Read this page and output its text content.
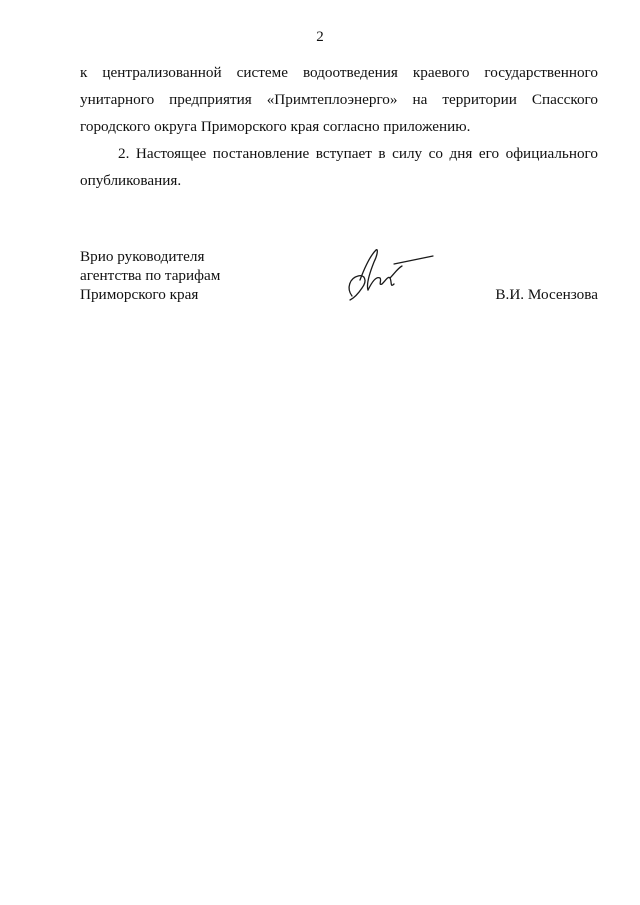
2

к централизованной системе водоотведения краевого государственного
унитарного предприятия «Примтеплоэнерго» на территории Спасского
городского округа Приморского края согласно приложению.

2. Настоящее постановление вступает в силу со дня его официального
опубликования.

Врио руководителя
агентства по тарифам
Приморского края	В.И. Мосензова
